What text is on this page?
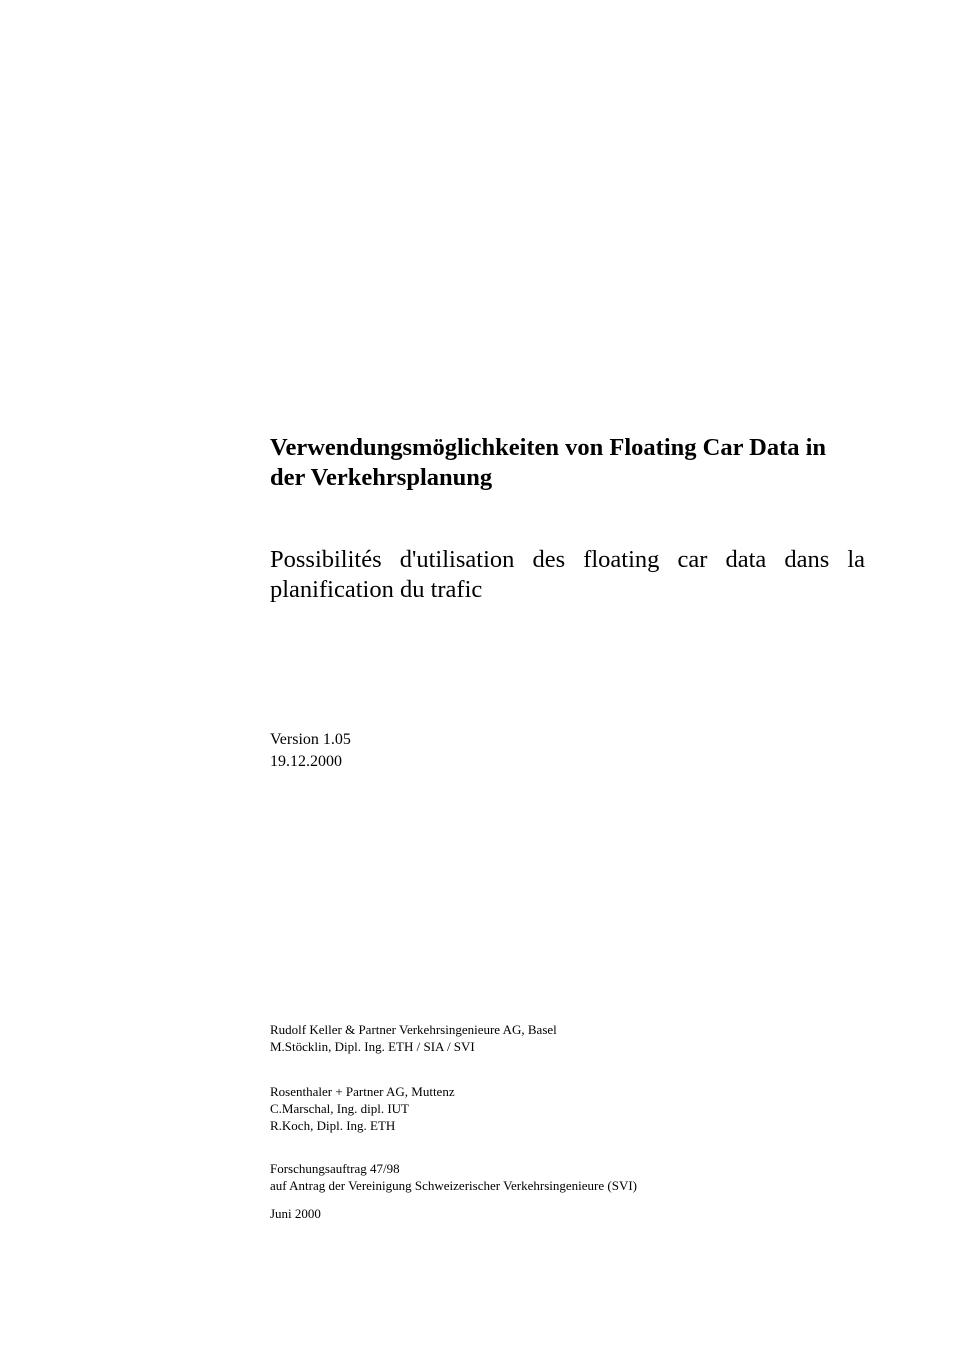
Verwendungsmöglichkeiten von Floating Car Data in der Verkehrsplanung
Possibilités d'utilisation des floating car data dans la planification du trafic
Version 1.05
19.12.2000
Rudolf Keller & Partner Verkehrsingenieure AG, Basel
M.Stöcklin, Dipl. Ing. ETH / SIA / SVI
Rosenthaler + Partner AG, Muttenz
C.Marschal, Ing. dipl. IUT
R.Koch, Dipl. Ing. ETH
Forschungsauftrag 47/98
auf Antrag der Vereinigung Schweizerischer Verkehrsingenieure (SVI)
Juni 2000
